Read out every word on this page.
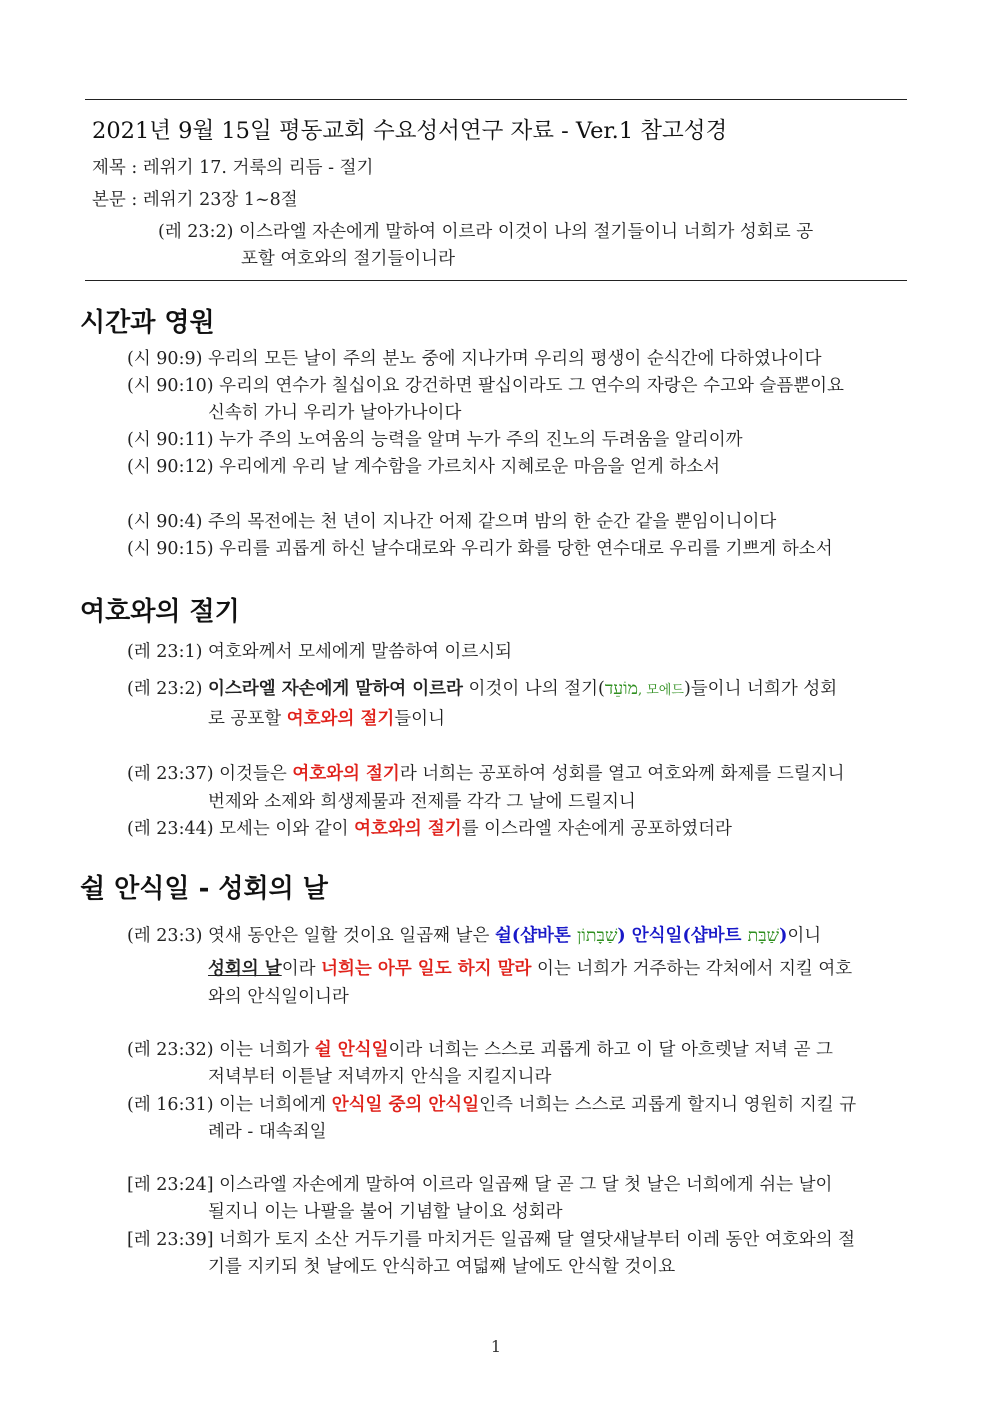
2021년 9월 15일 평동교회 수요성서연구 자료 - Ver.1 참고성경
제목 : 레위기 17. 거룩의 리듬 - 절기
본문 : 레위기 23장 1~8절
(레 23:2) 이스라엘 자손에게 말하여 이르라 이것이 나의 절기들이니 너희가 성회로 공
포할 여호와의 절기들이니라
시간과 영원
(시 90:9) 우리의 모든 날이 주의 분노 중에 지나가며 우리의 평생이 순식간에 다하였나이다
(시 90:10) 우리의 연수가 칠십이요 강건하면 팔십이라도 그 연수의 자랑은 수고와 슬픔뿐이요
신속히 가니 우리가 날아가나이다
(시 90:11) 누가 주의 노여움의 능력을 알며 누가 주의 진노의 두려움을 알리이까
(시 90:12) 우리에게 우리 날 계수함을 가르치사 지혜로운 마음을 얻게 하소서
(시 90:4) 주의 목전에는 천 년이 지나간 어제 같으며 밤의 한 순간 같을 뿐임이니이다
(시 90:15) 우리를 괴롭게 하신 날수대로와 우리가 화를 당한 연수대로 우리를 기쁘게 하소서
여호와의 절기
(레 23:1) 여호와께서 모세에게 말씀하여 이르시되
(레 23:2) 이스라엘 자손에게 말하여 이르라 이것이 나의 절기(מוֹעֵד, 모에드)들이니 너희가 성회
로 공포할 여호와의 절기들이니
(레 23:37) 이것들은 여호와의 절기라 너희는 공포하여 성회를 열고 여호와께 화제를 드릴지니
번제와 소제와 희생제물과 전제를 각각 그 날에 드릴지니
(레 23:44) 모세는 이와 같이 여호와의 절기를 이스라엘 자손에게 공포하였더라
쉴 안식일 - 성회의 날
(레 23:3) 엿새 동안은 일할 것이요 일곱째 날은 쉴(샵바톤 שַׁבָּתוֹן) 안식일(샵바트 שַׁבָּת)이니
성회의 날이라 너희는 아무 일도 하지 말라 이는 너희가 거주하는 각처에서 지킬 여호
와의 안식일이니라
(레 23:32) 이는 너희가 쉴 안식일이라 너희는 스스로 괴롭게 하고 이 달 아흐렛날 저녁 곧 그
저녁부터 이튿날 저녁까지 안식을 지킬지니라
(레 16:31) 이는 너희에게 안식일 중의 안식일인즉 너희는 스스로 괴롭게 할지니 영원히 지킬 규
례라 - 대속죄일
[레 23:24] 이스라엘 자손에게 말하여 이르라 일곱째 달 곧 그 달 첫 날은 너희에게 쉬는 날이
될지니 이는 나팔을 불어 기념할 날이요 성회라
[레 23:39] 너희가 토지 소산 거두기를 마치거든 일곱째 달 열닷새날부터 이레 동안 여호와의 절
기를 지키되 첫 날에도 안식하고 여덟째 날에도 안식할 것이요
1
